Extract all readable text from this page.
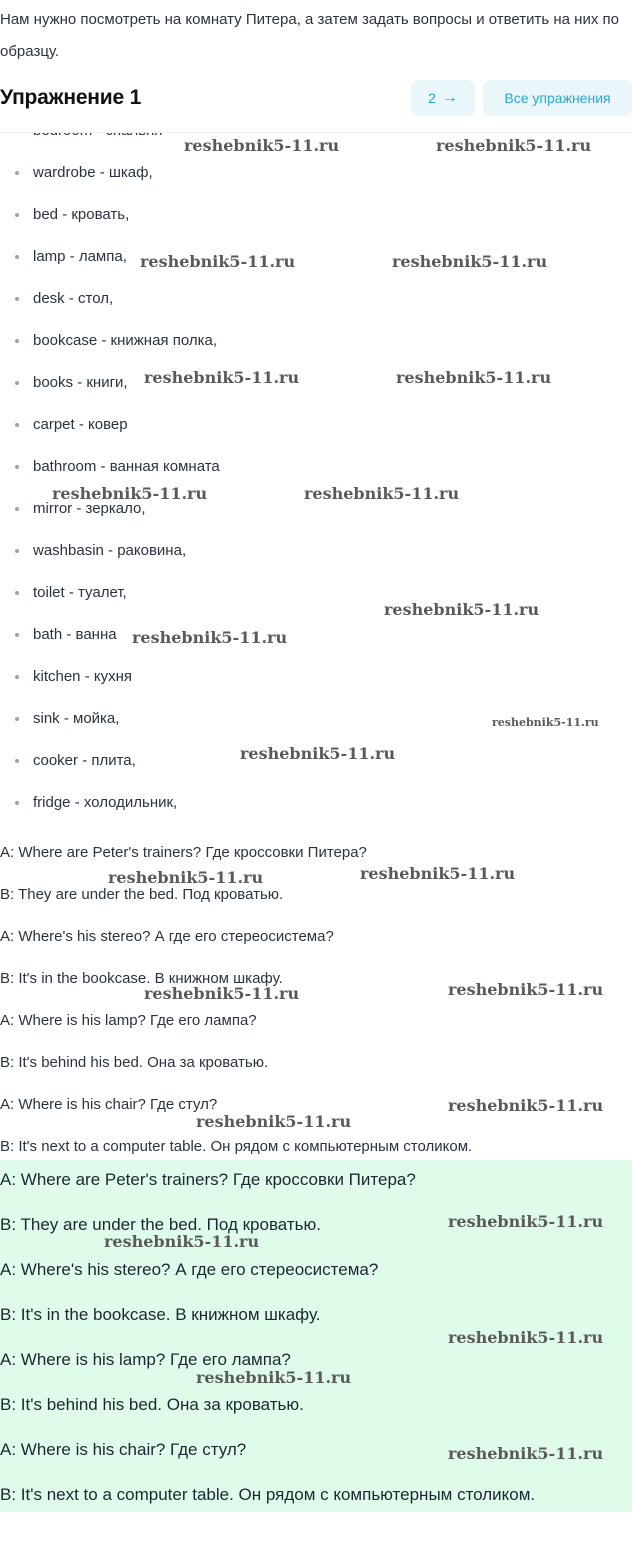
Нам нужно посмотреть на комнату Питера, а затем задать вопросы и ответить на них по образцу.
wardrobe - шкаф,
bed - кровать,
lamp - лампа,
desk - стол,
bookcase - книжная полка,
books - книги,
carpet - ковер
bathroom - ванная комната
mirror - зеркало,
washbasin - раковина,
toilet - туалет,
bath - ванна
kitchen - кухня
sink - мойка,
cooker - плита,
fridge - холодильник,
Упражнение 1	2 →	Все упражнения
A: Where are Peter's trainers? Где кроссовки Питера?
B: They are under the bed. Под кроватью.
A: Where's his stereo? А где его стереосистема?
B: It's in the bookcase. В книжном шкафу.
A: Where is his lamp? Где его лампа?
B: It's behind his bed. Она за кроватью.
A: Where is his chair? Где стул?
B: It's next to a computer table. Он рядом с компьютерным столиком.
A: Where are Peter's trainers? Где кроссовки Питера?
B: They are under the bed. Под кроватью.
A: Where's his stereo? А где его стереосистема?
B: It's in the bookcase. В книжном шкафу.
A: Where is his lamp? Где его лампа?
B: It's behind his bed. Она за кроватью.
A: Where is his chair? Где стул?
B: It's next to a computer table. Он рядом с компьютерным столиком.
reshebnik5-11.ru	reshebnik5-11.ru
reshebnik5-11.ru	reshebnik5-11.ru
reshebnik5-11.ru	reshebnik5-11.ru
reshebnik5-11.ru	reshebnik5-11.ru
reshebnik5-11.ru
reshebnik5-11.ru
reshebnik5-11.ru
reshebnik5-11.ru
reshebnik5-11.ru	reshebnik5-11.ru
reshebnik5-11.ru	reshebnik5-11.ru
reshebnik5-11.ru
reshebnik5-11.ru
reshebnik5-11.ru
reshebnik5-11.ru
reshebnik5-11.ru
reshebnik5-11.ru
reshebnik5-11.ru
